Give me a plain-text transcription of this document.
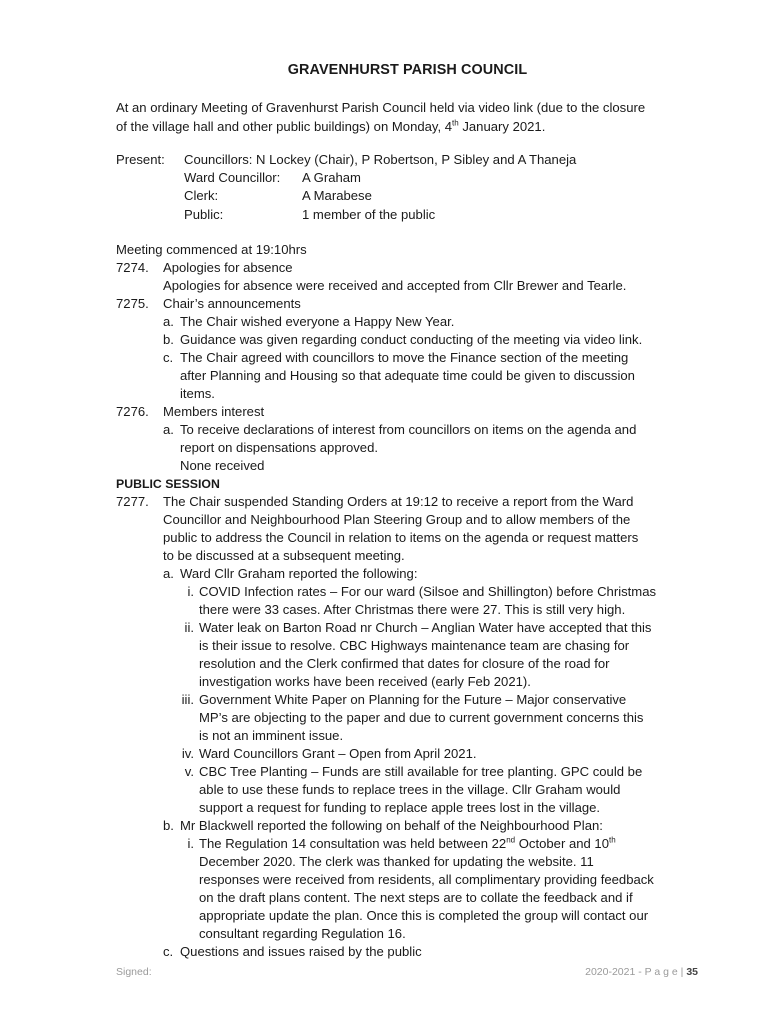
GRAVENHURST PARISH COUNCIL
At an ordinary Meeting of Gravenhurst Parish Council held via video link (due to the closure
of the village hall and other public buildings) on Monday, 4th January 2021.
Present:	Councillors: N Lockey (Chair), P Robertson, P Sibley and A Thaneja
Ward Councillor:	A Graham
Clerk:	A Marabese
Public:	1 member of the public
Meeting commenced at 19:10hrs
7274. Apologies for absence
Apologies for absence were received and accepted from Cllr Brewer and Tearle.
7275. Chair’s announcements
a. The Chair wished everyone a Happy New Year.
b. Guidance was given regarding conduct conducting of the meeting via video link.
c. The Chair agreed with councillors to move the Finance section of the meeting
after Planning and Housing so that adequate time could be given to discussion
items.
7276. Members interest
a. To receive declarations of interest from councillors on items on the agenda and
report on dispensations approved.
None received
PUBLIC SESSION
7277. The Chair suspended Standing Orders at 19:12 to receive a report from the Ward
Councillor and Neighbourhood Plan Steering Group and to allow members of the
public to address the Council in relation to items on the agenda or request matters
to be discussed at a subsequent meeting.
a. Ward Cllr Graham reported the following:
i. COVID Infection rates – For our ward (Silsoe and Shillington) before Christmas
there were 33 cases. After Christmas there were 27. This is still very high.
ii. Water leak on Barton Road nr Church – Anglian Water have accepted that this
is their issue to resolve. CBC Highways maintenance team are chasing for
resolution and the Clerk confirmed that dates for closure of the road for
investigation works have been received (early Feb 2021).
iii. Government White Paper on Planning for the Future – Major conservative
MP’s are objecting to the paper and due to current government concerns this
is not an imminent issue.
iv. Ward Councillors Grant – Open from April 2021.
v. CBC Tree Planting – Funds are still available for tree planting. GPC could be
able to use these funds to replace trees in the village. Cllr Graham would
support a request for funding to replace apple trees lost in the village.
b. Mr Blackwell reported the following on behalf of the Neighbourhood Plan:
i. The Regulation 14 consultation was held between 22nd October and 10th
December 2020. The clerk was thanked for updating the website. 11
responses were received from residents, all complimentary providing feedback
on the draft plans content. The next steps are to collate the feedback and if
appropriate update the plan. Once this is completed the group will contact our
consultant regarding Regulation 16.
c. Questions and issues raised by the public
Signed:	2020-2021 - P a g e | 35
